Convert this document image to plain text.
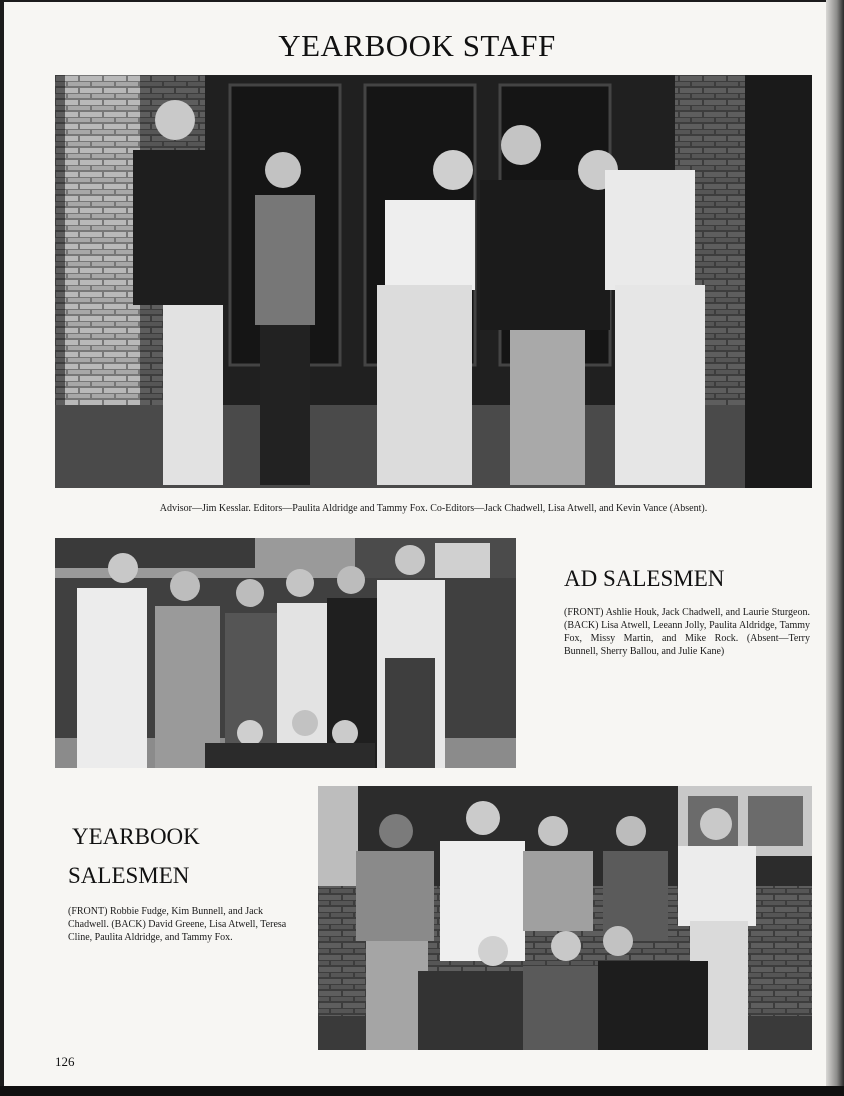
YEARBOOK STAFF

Advisor—Jim Kesslar. Editors—Paulita Aldridge and Tammy Fox. Co-Editors—Jack Chadwell, Lisa Atwell, and Kevin Vance (Absent).

AD SALESMEN

(FRONT) Ashlie Houk, Jack Chadwell, and Laurie Sturgeon. (BACK) Lisa Atwell, Leeann Jolly, Paulita Aldridge, Tammy Fox, Missy Martin, and Mike Rock. (Absent—Terry Bunnell, Sherry Ballou, and Julie Kane)

YEARBOOK
SALESMEN

(FRONT) Robbie Fudge, Kim Bunnell, and Jack Chadwell. (BACK) David Greene, Lisa Atwell, Teresa Cline, Paulita Aldridge, and Tammy Fox.

126
